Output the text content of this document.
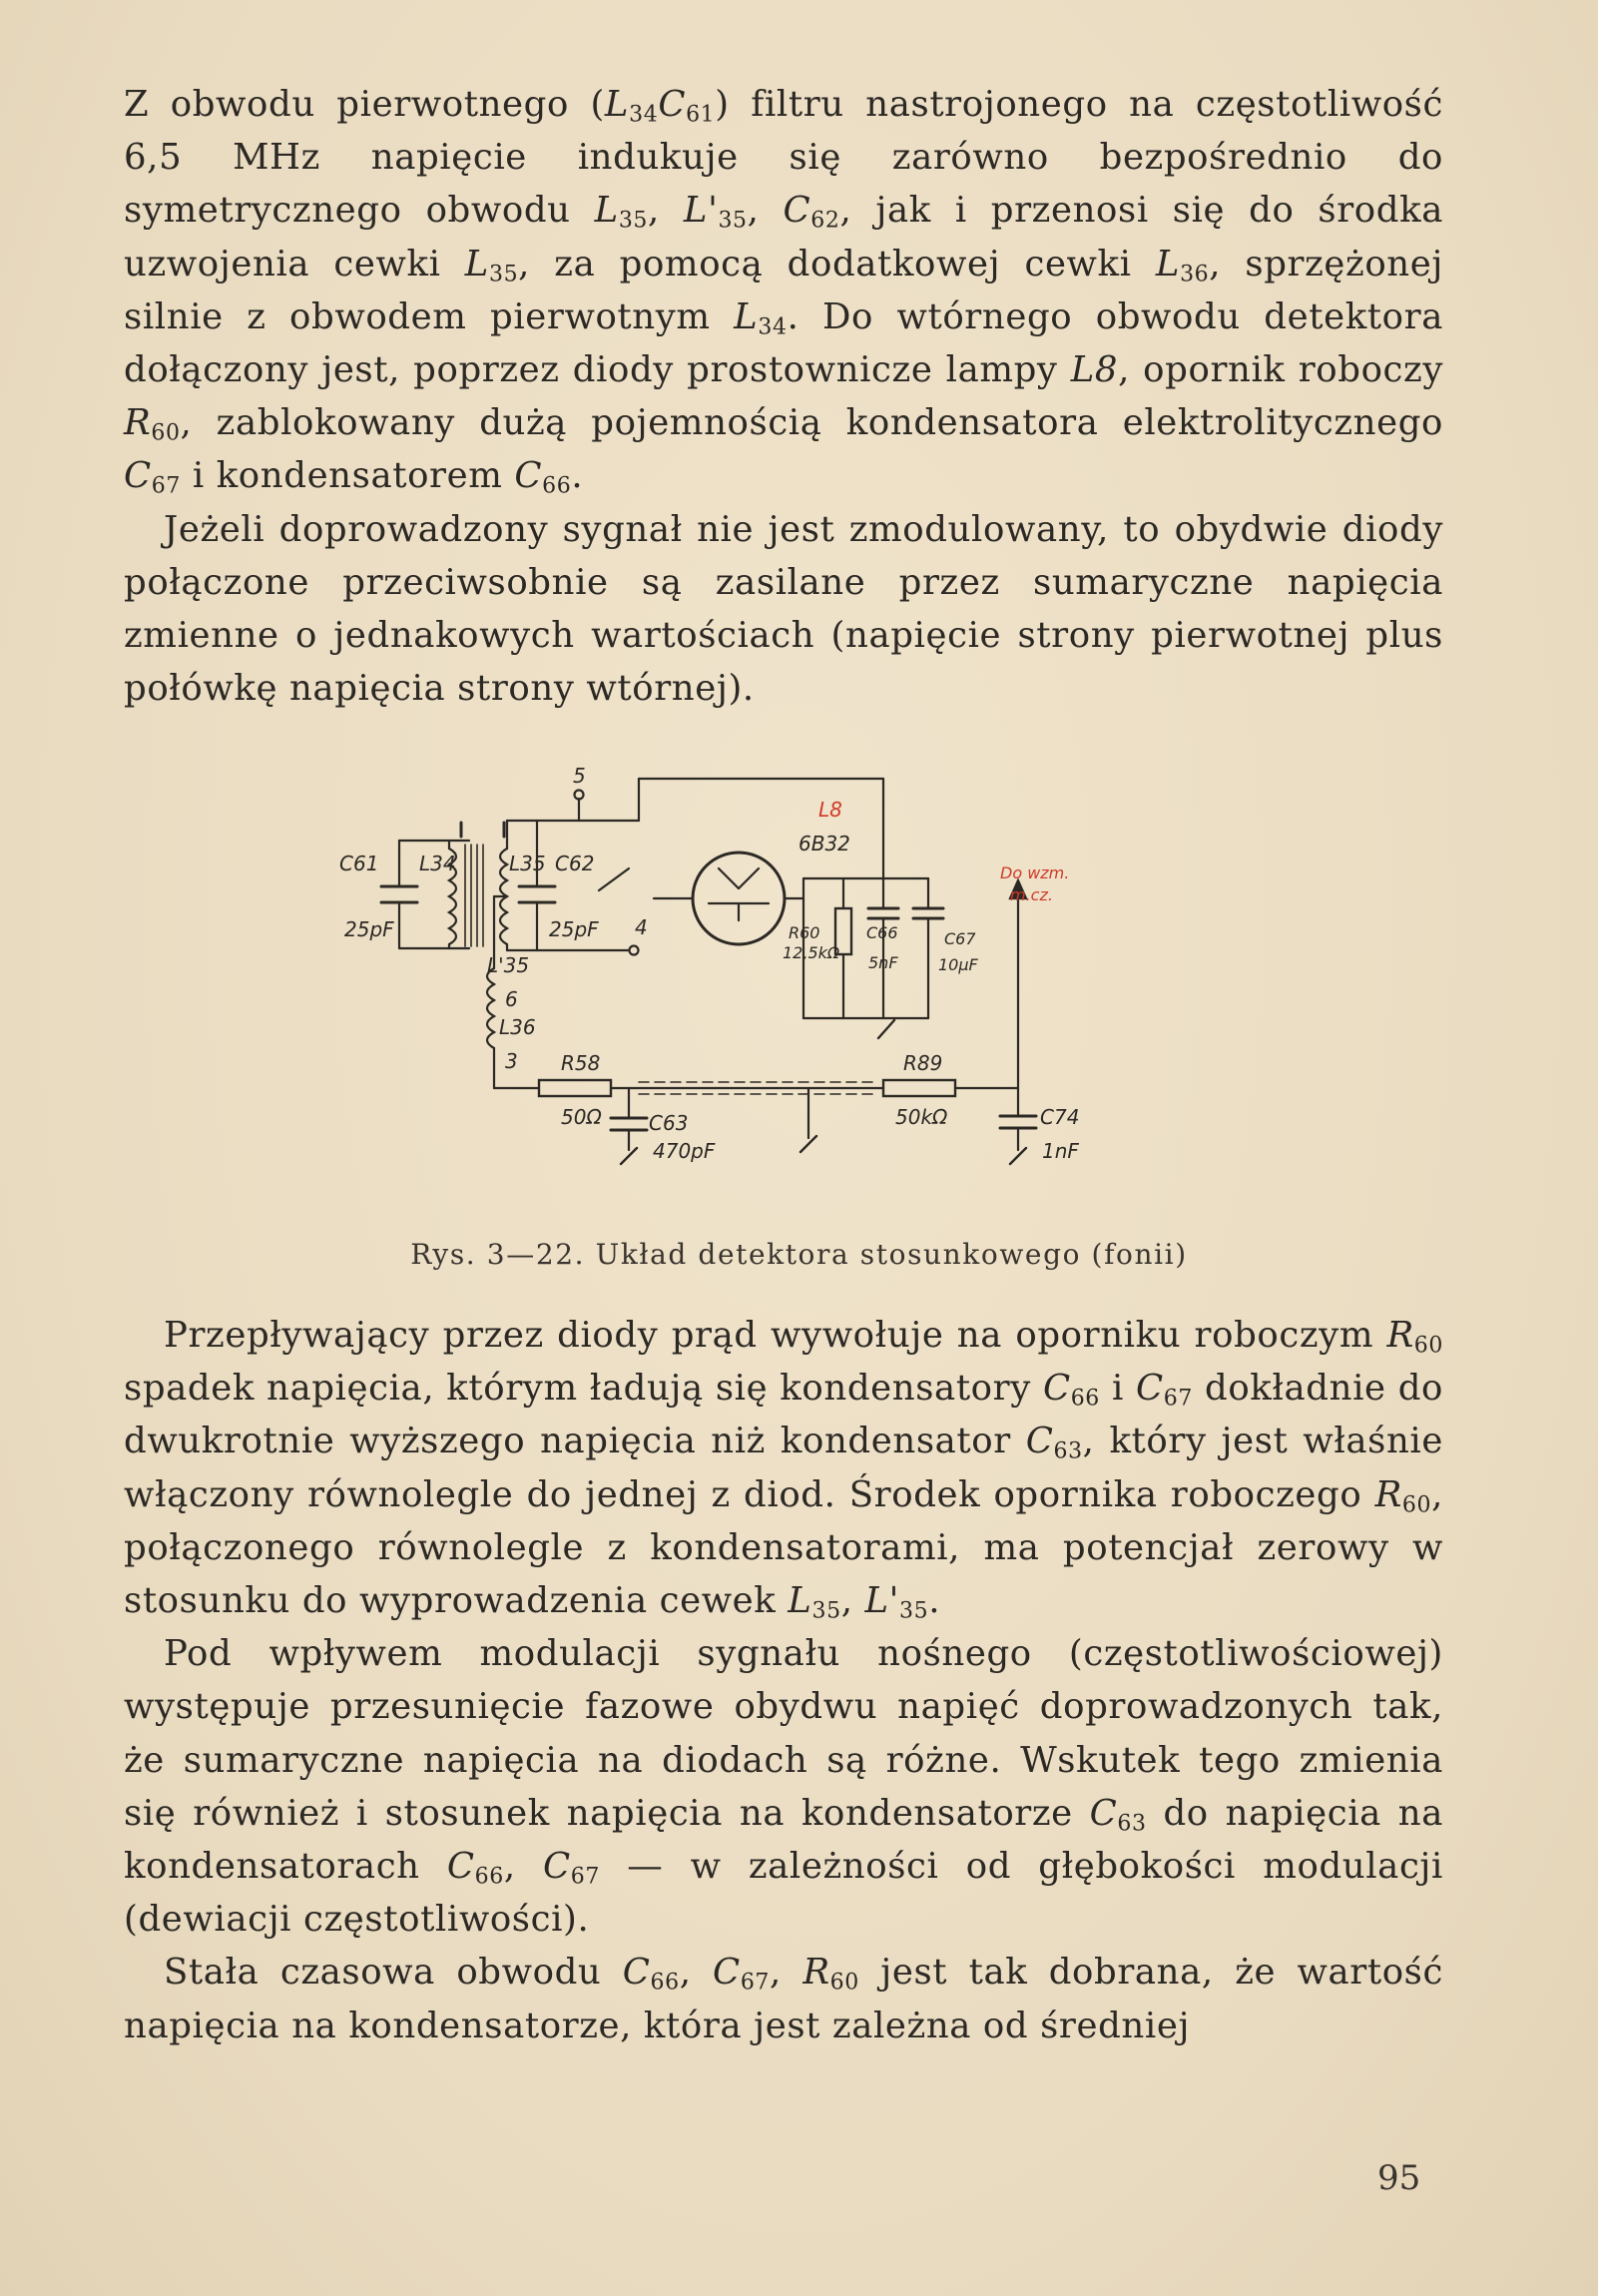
Z obwodu pierwotnego $(L_{34}C_{61})$ filtru nastrojonego na częstotliwość 6,5 MHz napięcie indukuje się zarówno bezpośrednio do symetrycznego obwodu $L_{35}$, $L'_{35}$, $C_{62}$, jak i przenosi się do środka uzwojenia cewki $L_{35}$, za pomocą dodatkowej cewki $L_{36}$, sprzężonej silnie z obwodem pierwotnym $L_{34}$. Do wtórnego obwodu detektora dołączony jest, poprzez diody prostownicze lampy L8, opornik roboczy $R_{60}$, zablokowany dużą pojemnością kondensatora elektrolitycznego $C_{67}$ i kondensatorem $C_{66}$.

Jeżeli doprowadzony sygnał nie jest zmodulowany, to obydwie diody połączone przeciwsobnie są zasilane przez sumaryczne napięcia zmienne o jednakowych wartościach (napięcie strony pierwotnej plus połówkę napięcia strony wtórnej).

C61
25pF
L34	L35 C62
25pF 4
5
L'35
6
L36
3
L8
6B32
R60
12,5kΩ
C66
5nF
C67
10μF
R58
50Ω C63
470pF
R89
50kΩ	C74
1nF
Do wzm.
m.cz.
Rys. 3—22. Układ detektora stosunkowego (fonii)

Przepływający przez diody prąd wywołuje na oporniku roboczym $R_{60}$ spadek napięcia, którym ładują się kondensatory $C_{66}$ i $C_{67}$ dokładnie do dwukrotnie wyższego napięcia niż kondensator $C_{63}$, który jest właśnie włączony równolegle do jednej z diod. Środek opornika roboczego $R_{60}$, połączonego równolegle z kondensatorami, ma potencjał zerowy w stosunku do wyprowadzenia cewek $L_{35}$, $L'_{35}$.

Pod wpływem modulacji sygnału nośnego (częstotliwościowej) występuje przesunięcie fazowe obydwu napięć doprowadzonych tak, że sumaryczne napięcia na diodach są różne. Wskutek tego zmienia się również i stosunek napięcia na kondensatorze $C_{63}$ do napięcia na kondensatorach $C_{66}$, $C_{67}$ — w zależności od głębokości modulacji (dewiacji częstotliwości).

Stała czasowa obwodu $C_{66}$, $C_{67}$, $R_{60}$ jest tak dobrana, że wartość napięcia na kondensatorze, która jest zależna od średniej

95
